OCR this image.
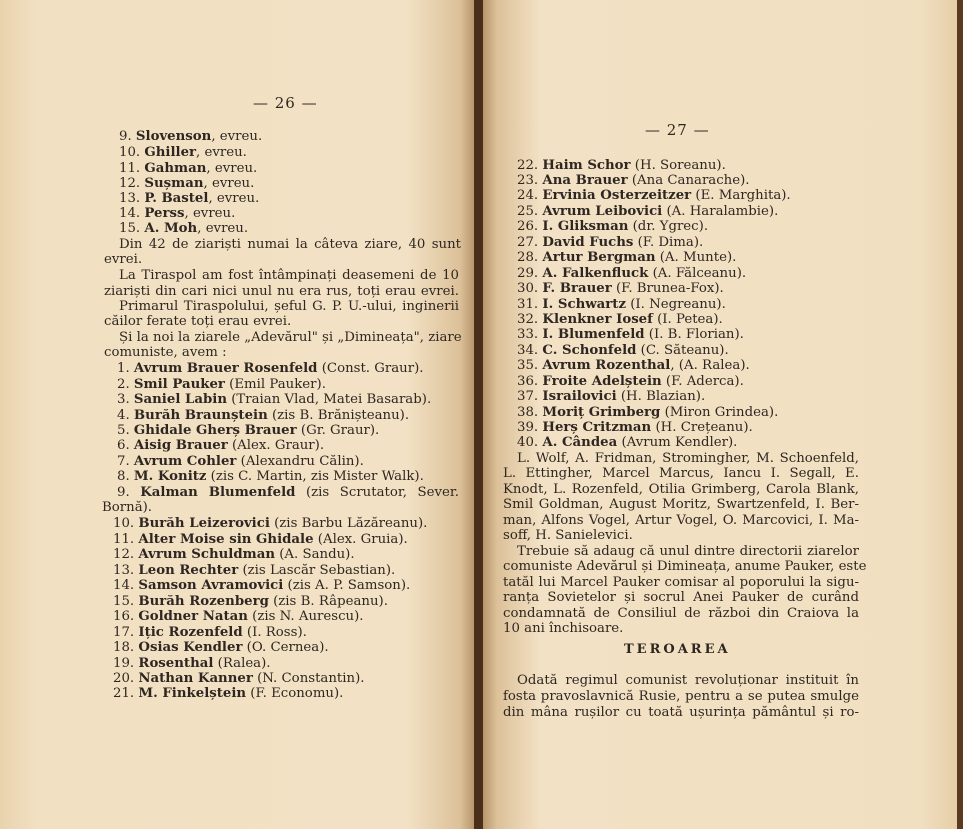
— 26 —
9. Slovenson, evreu.
10. Ghiller, evreu.
11. Gahman, evreu.
12. Sușman, evreu.
13. P. Bastel, evreu.
14. Perss, evreu.
15. A. Moh, evreu.
Din 42 de ziariști numai la câteva ziare, 40 sunt
evrei.
La Tiraspol am fost întâmpinați deasemeni de 10
ziariști din cari nici unul nu era rus, toți erau evrei.
Primarul Tiraspolului, șeful G. P. U.-ului, inginerii
căilor ferate toți erau evrei.
Și la noi la ziarele „Adevărul" și „Dimineața", ziare
comuniste, avem :
1. Avrum Brauer Rosenfeld (Const. Graur).
2. Smil Pauker (Emil Pauker).
3. Saniel Labin (Traian Vlad, Matei Basarab).
4. Burăh Braunștein (zis B. Brănișteanu).
5. Ghidale Gherș Brauer (Gr. Graur).
6. Aisig Brauer (Alex. Graur).
7. Avrum Cohler (Alexandru Călin).
8. M. Konitz (zis C. Martin, zis Mister Walk).
9. Kalman Blumenfeld (zis Scrutator, Sever.
Bornă).
10. Burăh Leizerovici (zis Barbu Lăzăreanu).
11. Alter Moise sin Ghidale (Alex. Gruia).
12. Avrum Schuldman (A. Sandu).
13. Leon Rechter (zis Lascăr Sebastian).
14. Samson Avramovici (zis A. P. Samson).
15. Burăh Rozenberg (zis B. Râpeanu).
16. Goldner Natan (zis N. Aurescu).
17. Ițic Rozenfeld (I. Ross).
18. Osias Kendler (O. Cernea).
19. Rosenthal (Ralea).
20. Nathan Kanner (N. Constantin).
21. M. Finkelștein (F. Economu).
— 27 —
22. Haim Schor (H. Soreanu).
23. Ana Brauer (Ana Canarache).
24. Ervinia Osterzeitzer (E. Marghita).
25. Avrum Leibovici (A. Haralambie).
26. I. Gliksman (dr. Ygrec).
27. David Fuchs (F. Dima).
28. Artur Bergman (A. Munte).
29. A. Falkenfluck (A. Fălceanu).
30. F. Brauer (F. Brunea-Fox).
31. I. Schwartz (I. Negreanu).
32. Klenkner Iosef (I. Petea).
33. I. Blumenfeld (I. B. Florian).
34. C. Schonfeld (C. Săteanu).
35. Avrum Rozenthal, (A. Ralea).
36. Froite Adelștein (F. Aderca).
37. Israilovici (H. Blazian).
38. Moriț Grimberg (Miron Grindea).
39. Herș Critzman (H. Crețeanu).
40. A. Cândea (Avrum Kendler).
L. Wolf, A. Fridman, Stromingher, M. Schoenfeld,
L. Ettingher, Marcel Marcus, Iancu I. Segall, E.
Knodt, L. Rozenfeld, Otilia Grimberg, Carola Blank,
Smil Goldman, August Moritz, Swartzenfeld, I. Ber-
man, Alfons Vogel, Artur Vogel, O. Marcovici, I. Ma-
soff, H. Sanielevici.
Trebuie să adaug că unul dintre directorii ziarelor
comuniste Adevărul și Dimineața, anume Pauker, este
tatăl lui Marcel Pauker comisar al poporului la sigu-
ranța Sovietelor și socrul Anei Pauker de curând
condamnată de Consiliul de război din Craiova la
10 ani închisoare.
TEROAREA
Odată regimul comunist revoluționar instituit în
fosta pravoslavnică Rusie, pentru a se putea smulge
din mâna rușilor cu toată ușurința pământul și ro-
